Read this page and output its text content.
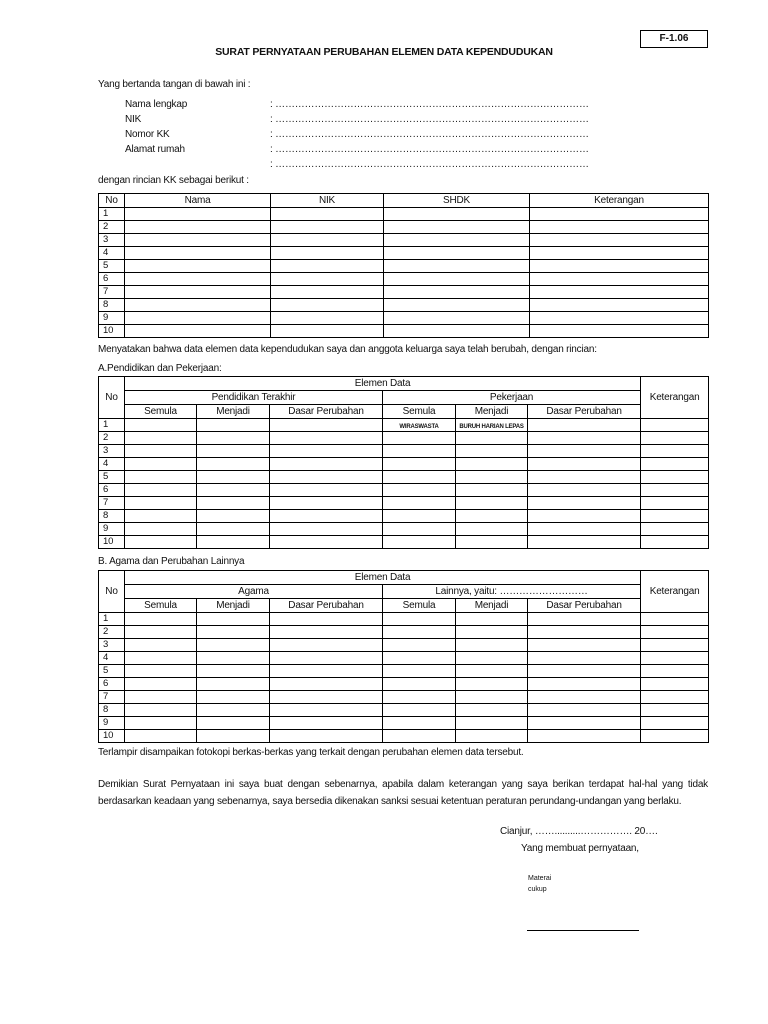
F-1.06
SURAT PERNYATAAN PERUBAHAN ELEMEN DATA KEPENDUDUKAN
Yang bertanda tangan di bawah ini :
Nama lengkap	: ……………………………………………………………………………………
NIK	: ……………………………………………………………………………………
Nomor KK	: ……………………………………………………………………………………
Alamat rumah	: ……………………………………………………………………………………
: ……………………………………………………………………………………
dengan rincian KK sebagai berikut :
No	Nama	NIK	SHDK	Keterangan
1				
2				
3				
4				
5				
6				
7				
8				
9				
10				
Menyatakan bahwa data elemen data kependudukan saya dan anggota keluarga saya telah berubah, dengan rincian:
A.Pendidikan dan Pekerjaan:
No	Elemen Data						Keterangan
	Pendidikan Terakhir			Pekerjaan			
	Semula	Menjadi	Dasar Perubahan	Semula	Menjadi	Dasar Perubahan	
1				WIRASWASTA	BURUH HARIAN LEPAS		
2							
3							
4							
5							
6							
7							
8							
9							
10							
B. Agama dan Perubahan Lainnya
No	Elemen Data						Keterangan
	Agama			Lainnya, yaitu: ………………………			
	Semula	Menjadi	Dasar Perubahan	Semula	Menjadi	Dasar Perubahan	
1							
2							
3							
4							
5							
6							
7							
8							
9							
10							
Terlampir disampaikan fotokopi berkas-berkas yang terkait dengan perubahan elemen data tersebut.
Demikian Surat Pernyataan ini saya buat dengan sebenarnya, apabila dalam keterangan yang saya berikan terdapat hal-hal yang tidak
berdasarkan keadaan yang sebenarnya, saya bersedia dikenakan sanksi sesuai ketentuan peraturan perundang-undangan yang berlaku.
Cianjur, ……..........……………. 20….
Yang membuat pernyataan,
Materai
cukup
